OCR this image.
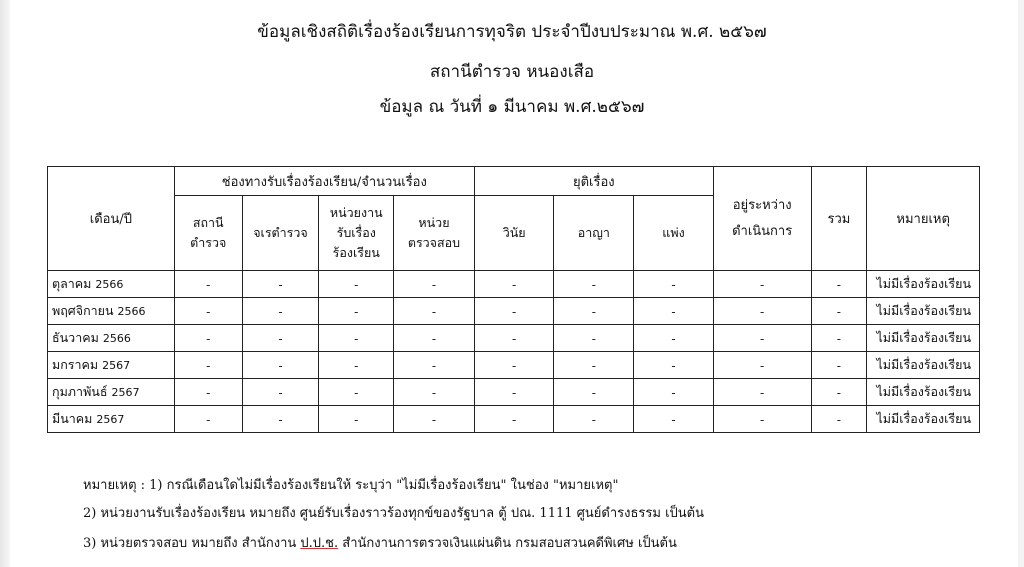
ข้อมูลเชิงสถิติเรื่องร้องเรียนการทุจริต ประจำปีงบประมาณ พ.ศ. ๒๕๖๗
สถานีตำรวจ หนองเสือ
ข้อมูล ณ วันที่ ๑ มีนาคม พ.ศ.๒๕๖๗
เดือน/ปี	ช่องทางรับเรื่องร้องเรียน/จำนวนเรื่อง				ยุติเรื่อง			อยู่ระหว่าง
ดำเนินการ	รวม	หมายเหตุ
	สถานี
ตำรวจ	จเรตำรวจ	หน่วยงาน
รับเรื่อง
ร้องเรียน	หน่วย
ตรวจสอบ	วินัย	อาญา	แพ่ง			
ตุลาคม 2566	-	-	-	-	-	-	-	-	-	ไม่มีเรื่องร้องเรียน
พฤศจิกายน 2566	-	-	-	-	-	-	-	-	-	ไม่มีเรื่องร้องเรียน
ธันวาคม 2566	-	-	-	-	-	-	-	-	-	ไม่มีเรื่องร้องเรียน
มกราคม 2567	-	-	-	-	-	-	-	-	-	ไม่มีเรื่องร้องเรียน
กุมภาพันธ์ 2567	-	-	-	-	-	-	-	-	-	ไม่มีเรื่องร้องเรียน
มีนาคม 2567	-	-	-	-	-	-	-	-	-	ไม่มีเรื่องร้องเรียน
หมายเหตุ : 1) กรณีเดือนใดไม่มีเรื่องร้องเรียนให้ ระบุว่า "ไม่มีเรื่องร้องเรียน" ในช่อง "หมายเหตุ"
2) หน่วยงานรับเรื่องร้องเรียน หมายถึง ศูนย์รับเรื่องราวร้องทุกข์ของรัฐบาล ตู้ ปณ. 1111 ศูนย์ดำรงธรรม เป็นต้น
3) หน่วยตรวจสอบ หมายถึง สำนักงาน ป.ป.ช. สำนักงานการตรวจเงินแผ่นดิน กรมสอบสวนคดีพิเศษ เป็นต้น
